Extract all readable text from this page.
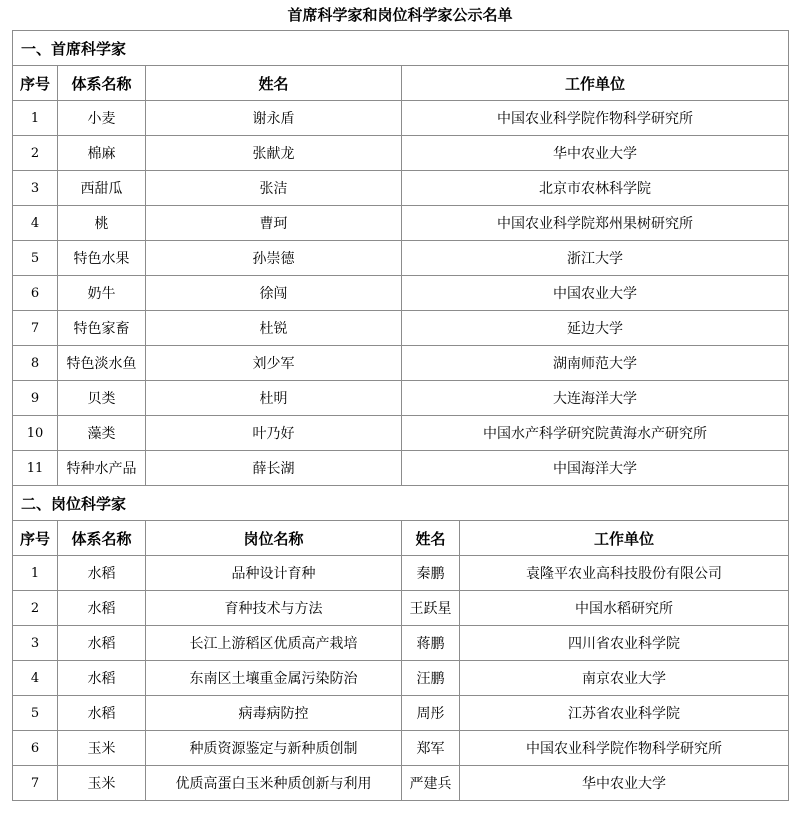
首席科学家和岗位科学家公示名单
一、首席科学家				
序号	体系名称	姓名	工作单位	
1	小麦	谢永盾	中国农业科学院作物科学研究所	
2	棉麻	张献龙	华中农业大学	
3	西甜瓜	张洁	北京市农林科学院	
4	桃	曹珂	中国农业科学院郑州果树研究所	
5	特色水果	孙崇德	浙江大学	
6	奶牛	徐闯	中国农业大学	
7	特色家畜	杜锐	延边大学	
8	特色淡水鱼	刘少军	湖南师范大学	
9	贝类	杜明	大连海洋大学	
10	藻类	叶乃好	中国水产科学研究院黄海水产研究所	
11	特种水产品	薛长湖	中国海洋大学	
二、岗位科学家				
序号	体系名称	岗位名称	姓名	工作单位
1	水稻	品种设计育种	秦鹏	袁隆平农业高科技股份有限公司
2	水稻	育种技术与方法	王跃星	中国水稻研究所
3	水稻	长江上游稻区优质高产栽培	蒋鹏	四川省农业科学院
4	水稻	东南区土壤重金属污染防治	汪鹏	南京农业大学
5	水稻	病毒病防控	周彤	江苏省农业科学院
6	玉米	种质资源鉴定与新种质创制	郑军	中国农业科学院作物科学研究所
7	玉米	优质高蛋白玉米种质创新与利用	严建兵	华中农业大学
